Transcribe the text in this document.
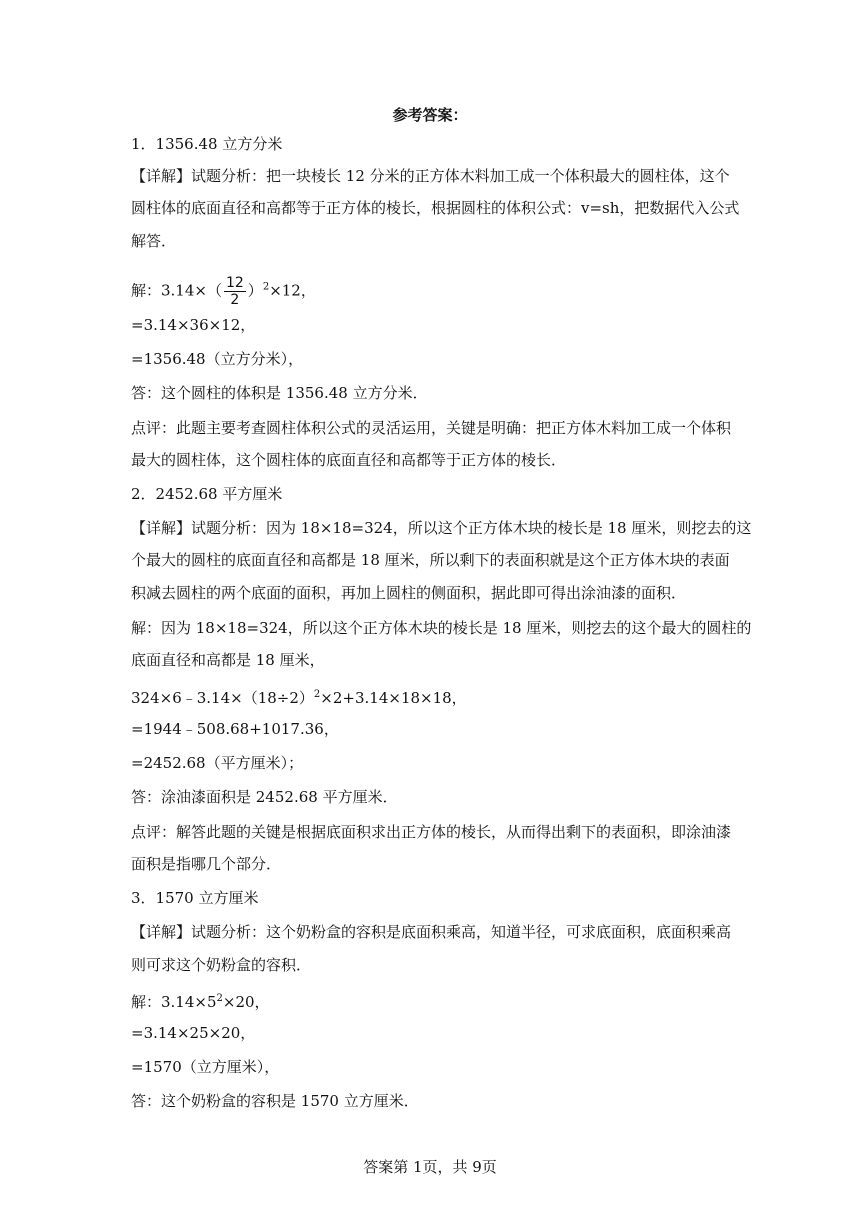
参考答案：
1．1356.48 立方分米
【详解】试题分析：把一块棱长 12 分米的正方体木料加工成一个体积最大的圆柱体，这个
圆柱体的底面直径和高都等于正方体的棱长，根据圆柱的体积公式：v=sh，把数据代入公式
解答．
解：$3.14\times( \frac{12}{2} )^2\times 12$，
=3.14×36×12，
=1356.48（立方分米），
答：这个圆柱的体积是 1356.48 立方分米．
点评：此题主要考查圆柱体积公式的灵活运用，关键是明确：把正方体木料加工成一个体积
最大的圆柱体，这个圆柱体的底面直径和高都等于正方体的棱长．
2．2452.68 平方厘米
【详解】试题分析：因为 18×18=324，所以这个正方体木块的棱长是 18 厘米，则挖去的这
个最大的圆柱的底面直径和高都是 18 厘米，所以剩下的表面积就是这个正方体木块的表面
积减去圆柱的两个底面的面积，再加上圆柱的侧面积，据此即可得出涂油漆的面积．
解：因为 18×18=324，所以这个正方体木块的棱长是 18 厘米，则挖去的这个最大的圆柱的
底面直径和高都是 18 厘米，
$324\times 6﹣3.14\times(18\div 2)^2\times 2+3.14\times 18\times 18$，
=1944﹣508.68+1017.36，
=2452.68（平方厘米）；
答：涂油漆面积是 2452.68 平方厘米．
点评：解答此题的关键是根据底面积求出正方体的棱长，从而得出剩下的表面积，即涂油漆
面积是指哪几个部分．
3．1570 立方厘米
【详解】试题分析：这个奶粉盒的容积是底面积乘高，知道半径，可求底面积，底面积乘高
则可求这个奶粉盒的容积．
解：$3.14\times 5^2\times 20$，
=3.14×25×20，
=1570（立方厘米），
答：这个奶粉盒的容积是 1570 立方厘米．
答案第 1页，共 9页
